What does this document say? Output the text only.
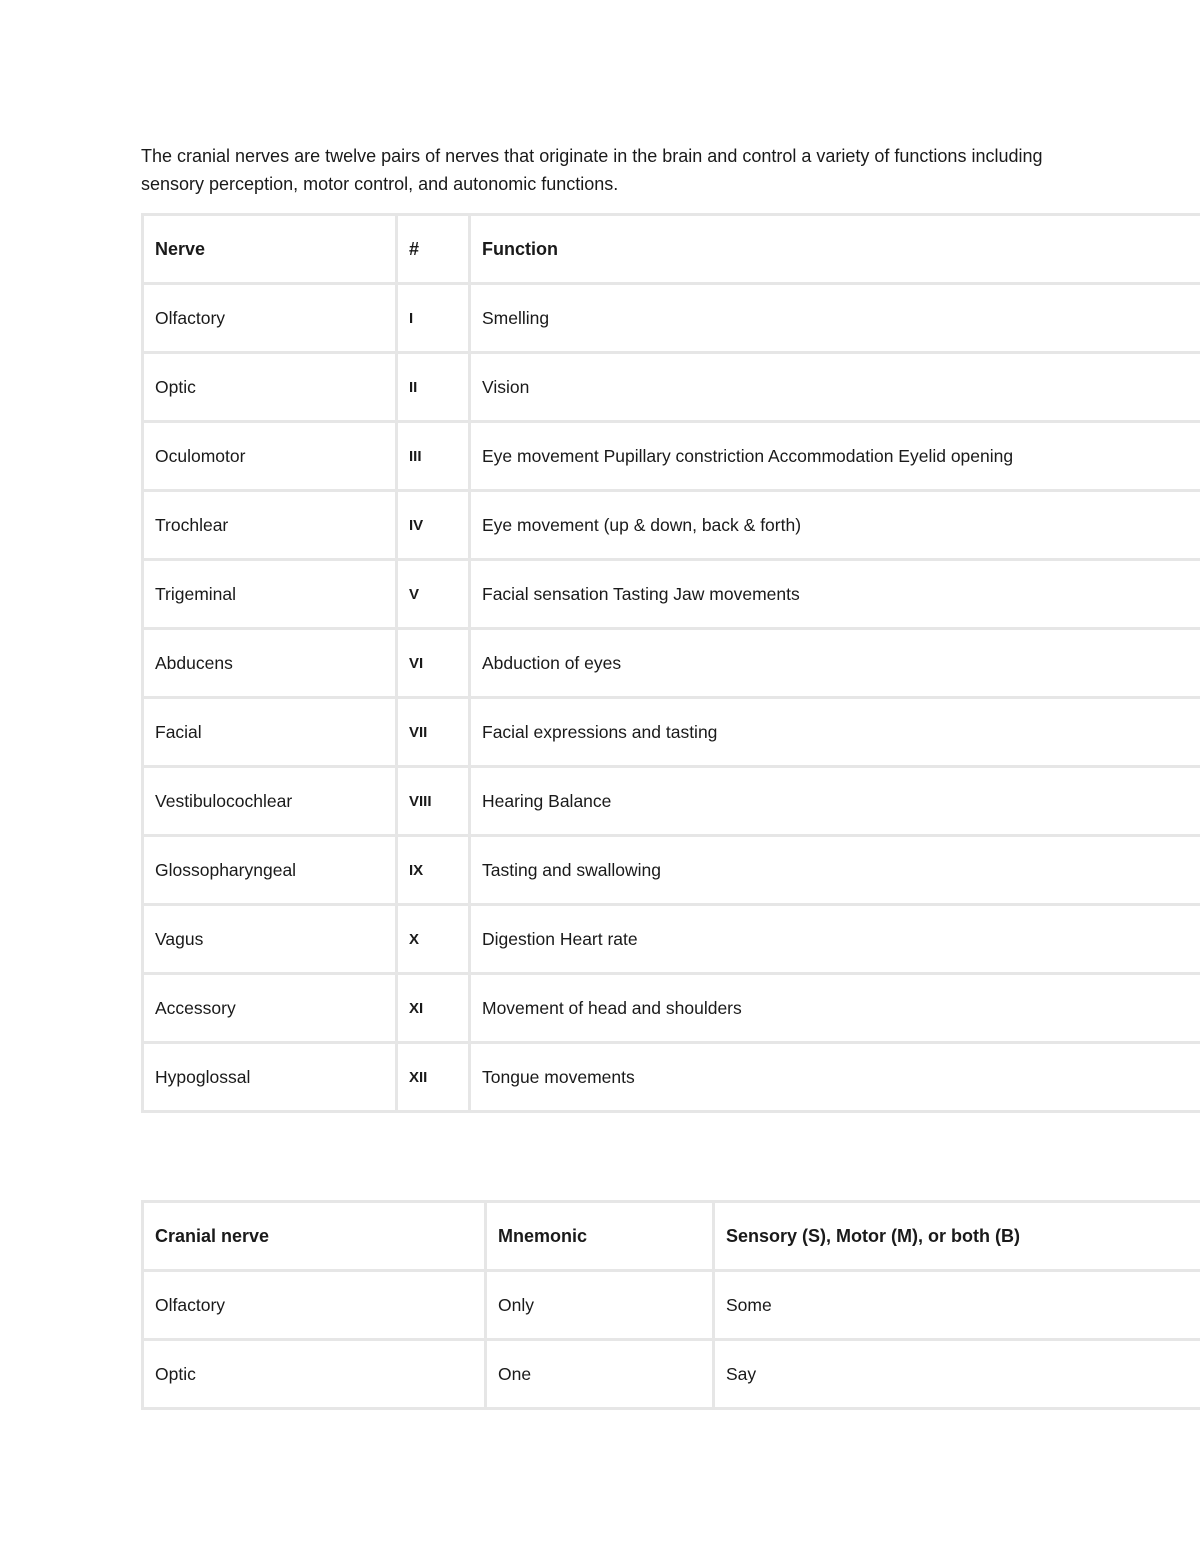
The cranial nerves are twelve pairs of nerves that originate in the brain and control a variety of functions including sensory perception, motor control, and autonomic functions.

Nerve	#	Function
Olfactory	I	Smelling
Optic	II	Vision
Oculomotor	III	Eye movement Pupillary constriction Accommodation Eyelid opening
Trochlear	IV	Eye movement (up & down, back & forth)
Trigeminal	V	Facial sensation Tasting Jaw movements
Abducens	VI	Abduction of eyes
Facial	VII	Facial expressions and tasting
Vestibulocochlear	VIII	Hearing Balance
Glossopharyngeal	IX	Tasting and swallowing
Vagus	X	Digestion Heart rate
Accessory	XI	Movement of head and shoulders
Hypoglossal	XII	Tongue movements
Cranial nerve	Mnemonic	Sensory (S), Motor (M), or both (B)
Olfactory	Only	Some
Optic	One	Say
